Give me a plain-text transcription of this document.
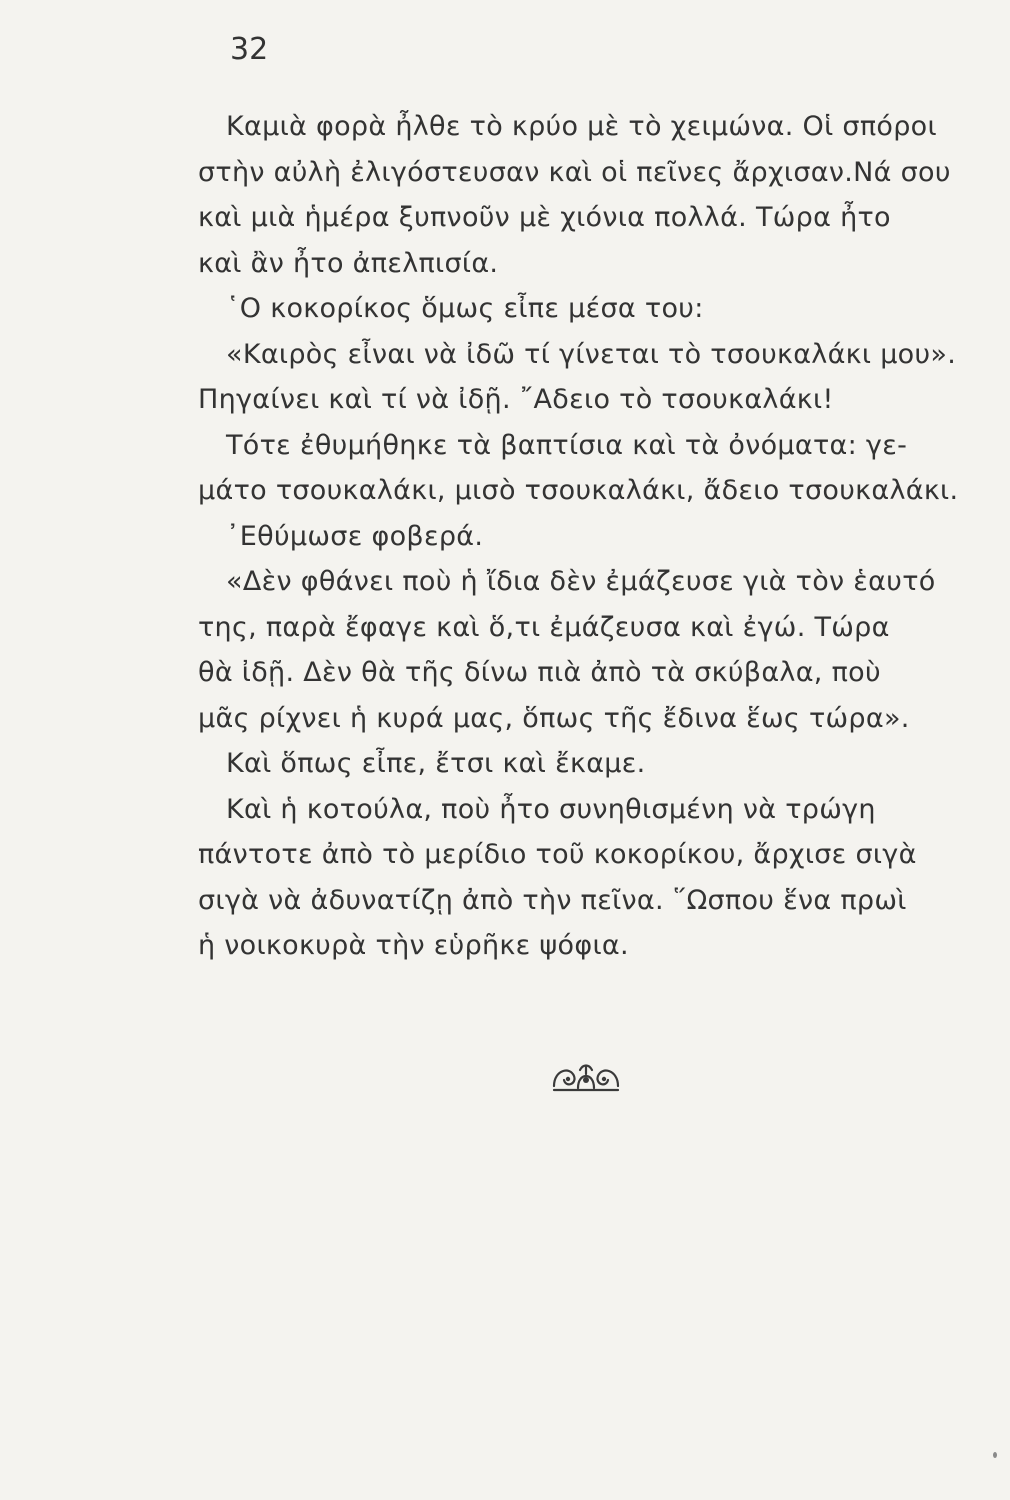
32
Καμιὰ φορὰ ἦλθε τὸ κρύο μὲ τὸ χειμώνα. Οἱ σπόροι
στὴν αὐλὴ ἐλιγόστευσαν καὶ οἱ πεῖνες ἄρχισαν.Νά σου
καὶ μιὰ ἡμέρα ξυπνοῦν μὲ χιόνια πολλά. Τώρα ἦτο
καὶ ἂν ἦτο ἀπελπισία.
῾Ο κοκορίκος ὅμως εἶπε μέσα του:
«Καιρὸς εἶναι νὰ ἰδῶ τί γίνεται τὸ τσουκαλάκι μου».
Πηγαίνει καὶ τί νὰ ἰδῇ. ῎Αδειο τὸ τσουκαλάκι!
Τότε ἐθυμήθηκε τὰ βαπτίσια καὶ τὰ ὀνόματα: γε-
μάτο τσουκαλάκι, μισὸ τσουκαλάκι, ἄδειο τσουκαλάκι.
᾿Εθύμωσε φοβερά.
«Δὲν φθάνει ποὺ ἡ ἴδια δὲν ἐμάζευσε γιὰ τὸν ἑαυτό
της, παρὰ ἔφαγε καὶ ὅ,τι ἐμάζευσα καὶ ἐγώ. Τώρα
θὰ ἰδῇ. Δὲν θὰ τῆς δίνω πιὰ ἀπὸ τὰ σκύβαλα, ποὺ
μᾶς ρίχνει ἡ κυρά μας, ὅπως τῆς ἔδινα ἕως τώρα».
Καὶ ὅπως εἶπε, ἔτσι καὶ ἔκαμε.
Καὶ ἡ κοτούλα, ποὺ ἦτο συνηθισμένη νὰ τρώγη
πάντοτε ἀπὸ τὸ μερίδιο τοῦ κοκορίκου, ἄρχισε σιγὰ
σιγὰ νὰ ἀδυνατίζῃ ἀπὸ τὴν πεῖνα. ῞Ωσπου ἕνα πρωὶ
ἡ νοικοκυρὰ τὴν εὑρῆκε ψόφια.
